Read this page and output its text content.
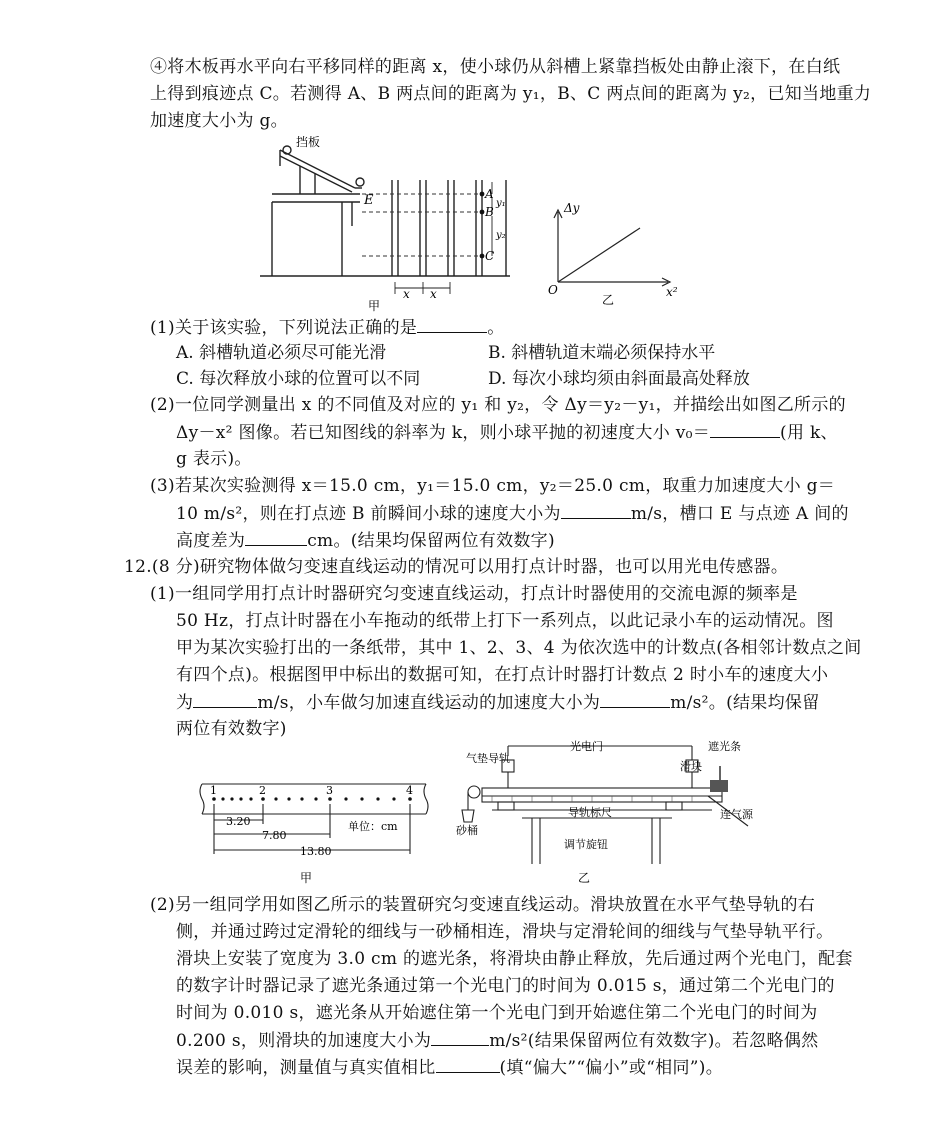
④将木板再水平向右平移同样的距离 x，使小球仍从斜槽上紧靠挡板处由静止滚下，在白纸
上得到痕迹点 C。若测得 A、B 两点间的距离为 y₁，B、C 两点间的距离为 y₂，已知当地重力
加速度大小为 g。
挡板
E	A
B
C
y₁
y₂
x x
甲
Δy
x²
O
乙
(1)关于该实验，下列说法正确的是	。
A. 斜槽轨道必须尽可能光滑	B. 斜槽轨道末端必须保持水平
C. 每次释放小球的位置可以不同	D. 每次小球均须由斜面最高处释放
(2)一位同学测量出 x 的不同值及对应的 y₁ 和 y₂，令 Δy＝y₂－y₁，并描绘出如图乙所示的
Δy－x² 图像。若已知图线的斜率为 k，则小球平抛的初速度大小 v₀＝	(用 k、
g 表示)。
(3)若某次实验测得 x＝15.0 cm，y₁＝15.0 cm，y₂＝25.0 cm，取重力加速度大小 g＝
10 m/s²，则在打点迹 B 前瞬间小球的速度大小为	m/s，槽口 E 与点迹 A 间的
高度差为	cm。(结果均保留两位有效数字)
12.(8 分)研究物体做匀变速直线运动的情况可以用打点计时器，也可以用光电传感器。
(1)一组同学用打点计时器研究匀变速直线运动，打点计时器使用的交流电源的频率是
50 Hz，打点计时器在小车拖动的纸带上打下一系列点，以此记录小车的运动情况。图
甲为某次实验打出的一条纸带，其中 1、2、3、4 为依次选中的计数点(各相邻计数点之间
有四个点)。根据图甲中标出的数据可知，在打点计时器打计数点 2 时小车的速度大小
为	m/s，小车做匀加速直线运动的加速度大小为	m/s²。(结果均保留
两位有效数字)
1	2	3	4
3.20
7.80
13.80
单位：cm
甲
气垫导轨
光电门	遮光条
滑块
导轨标尺	连气源
砂桶
调节旋钮
乙
(2)另一组同学用如图乙所示的装置研究匀变速直线运动。滑块放置在水平气垫导轨的右
侧，并通过跨过定滑轮的细线与一砂桶相连，滑块与定滑轮间的细线与气垫导轨平行。
滑块上安装了宽度为 3.0 cm 的遮光条，将滑块由静止释放，先后通过两个光电门，配套
的数字计时器记录了遮光条通过第一个光电门的时间为 0.015 s，通过第二个光电门的
时间为 0.010 s，遮光条从开始遮住第一个光电门到开始遮住第二个光电门的时间为
0.200 s，则滑块的加速度大小为	m/s²(结果保留两位有效数字)。若忽略偶然
误差的影响，测量值与真实值相比	(填“偏大”“偏小”或“相同”)。
